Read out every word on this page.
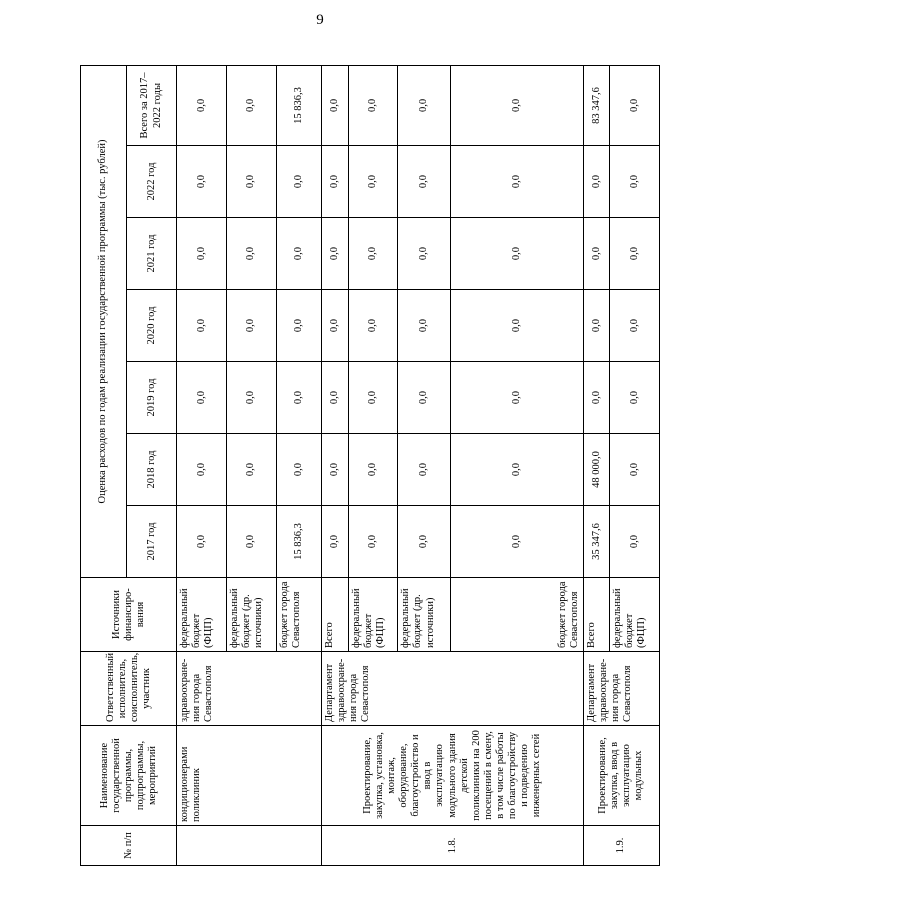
9
№ п/п	Наименование государственной программы, подпрограммы, мероприятий	Ответственный исполнитель, соисполнитель, участник	Источники финансиро-вания	Оценка расходов по годам реализации государственной программы (тыс. рублей)						
				2017 год	2018 год	2019 год	2020 год	2021 год	2022 год	Всего за 2017–2022 годы
	кондиционерами поликлиник	здравоохране-ния города Севастополя	федеральный бюджет (ФЦП)	0,0	0,0	0,0	0,0	0,0	0,0	0,0
			федеральный бюджет (др. источники)	0,0	0,0	0,0	0,0	0,0	0,0	0,0
			бюджет города Севастополя	15 836,3	0,0	0,0	0,0	0,0	0,0	15 836,3
1.8.	Проектирование, закупка, установка, монтаж, оборудование, благоустройство и ввод в эксплуатацию модульного здания детской поликлиники на 200 посещений в смену, в том числе работы по благоустройству и подведению инженерных сетей	Департамент здравоохране-ния города Севастополя	Всего	0,0	0,0	0,0	0,0	0,0	0,0	0,0
			федеральный бюджет (ФЦП)	0,0	0,0	0,0	0,0	0,0	0,0	0,0
			федеральный бюджет (др. источники)	0,0	0,0	0,0	0,0	0,0	0,0	0,0
			бюджет города Севастополя	0,0	0,0	0,0	0,0	0,0	0,0	0,0
1.9.	Проектирование, закупка, ввод в эксплуатацию модульных	Департамент здравоохране-ния города Севастополя	Всего	35 347,6	48 000,0	0,0	0,0	0,0	0,0	83 347,6
			федеральный бюджет (ФЦП)	0,0	0,0	0,0	0,0	0,0	0,0	0,0
